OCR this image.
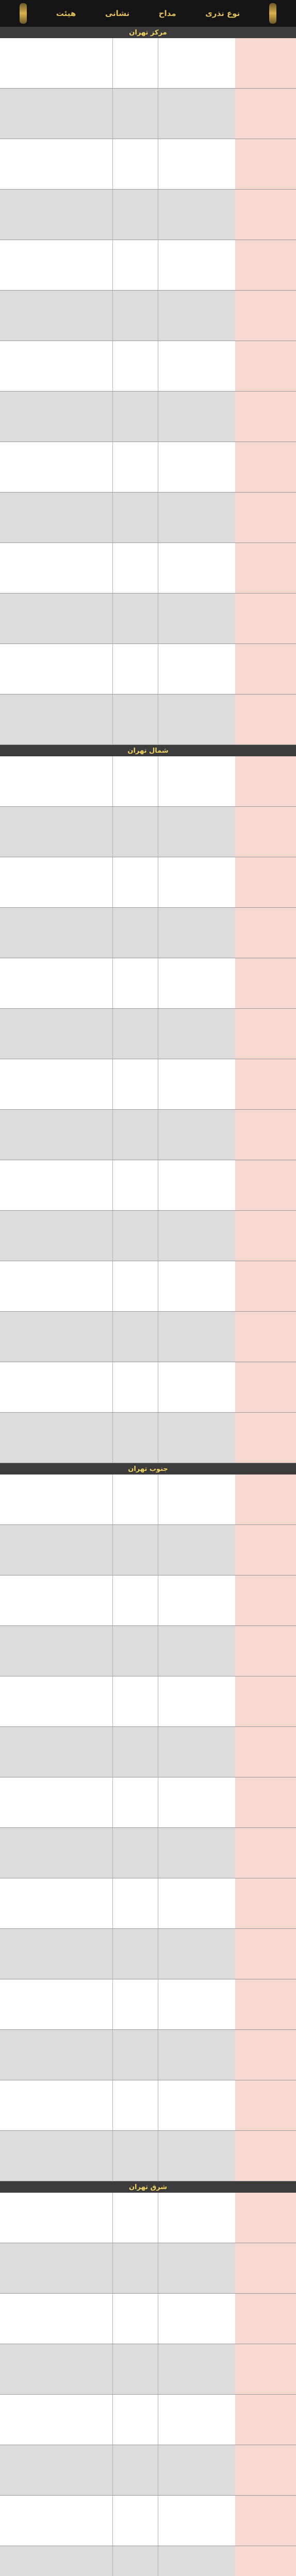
نوع نذری
مداح
نشانی
هیئت
مرکز تهران
شمال تهران
جنوب تهران
شرق تهران
